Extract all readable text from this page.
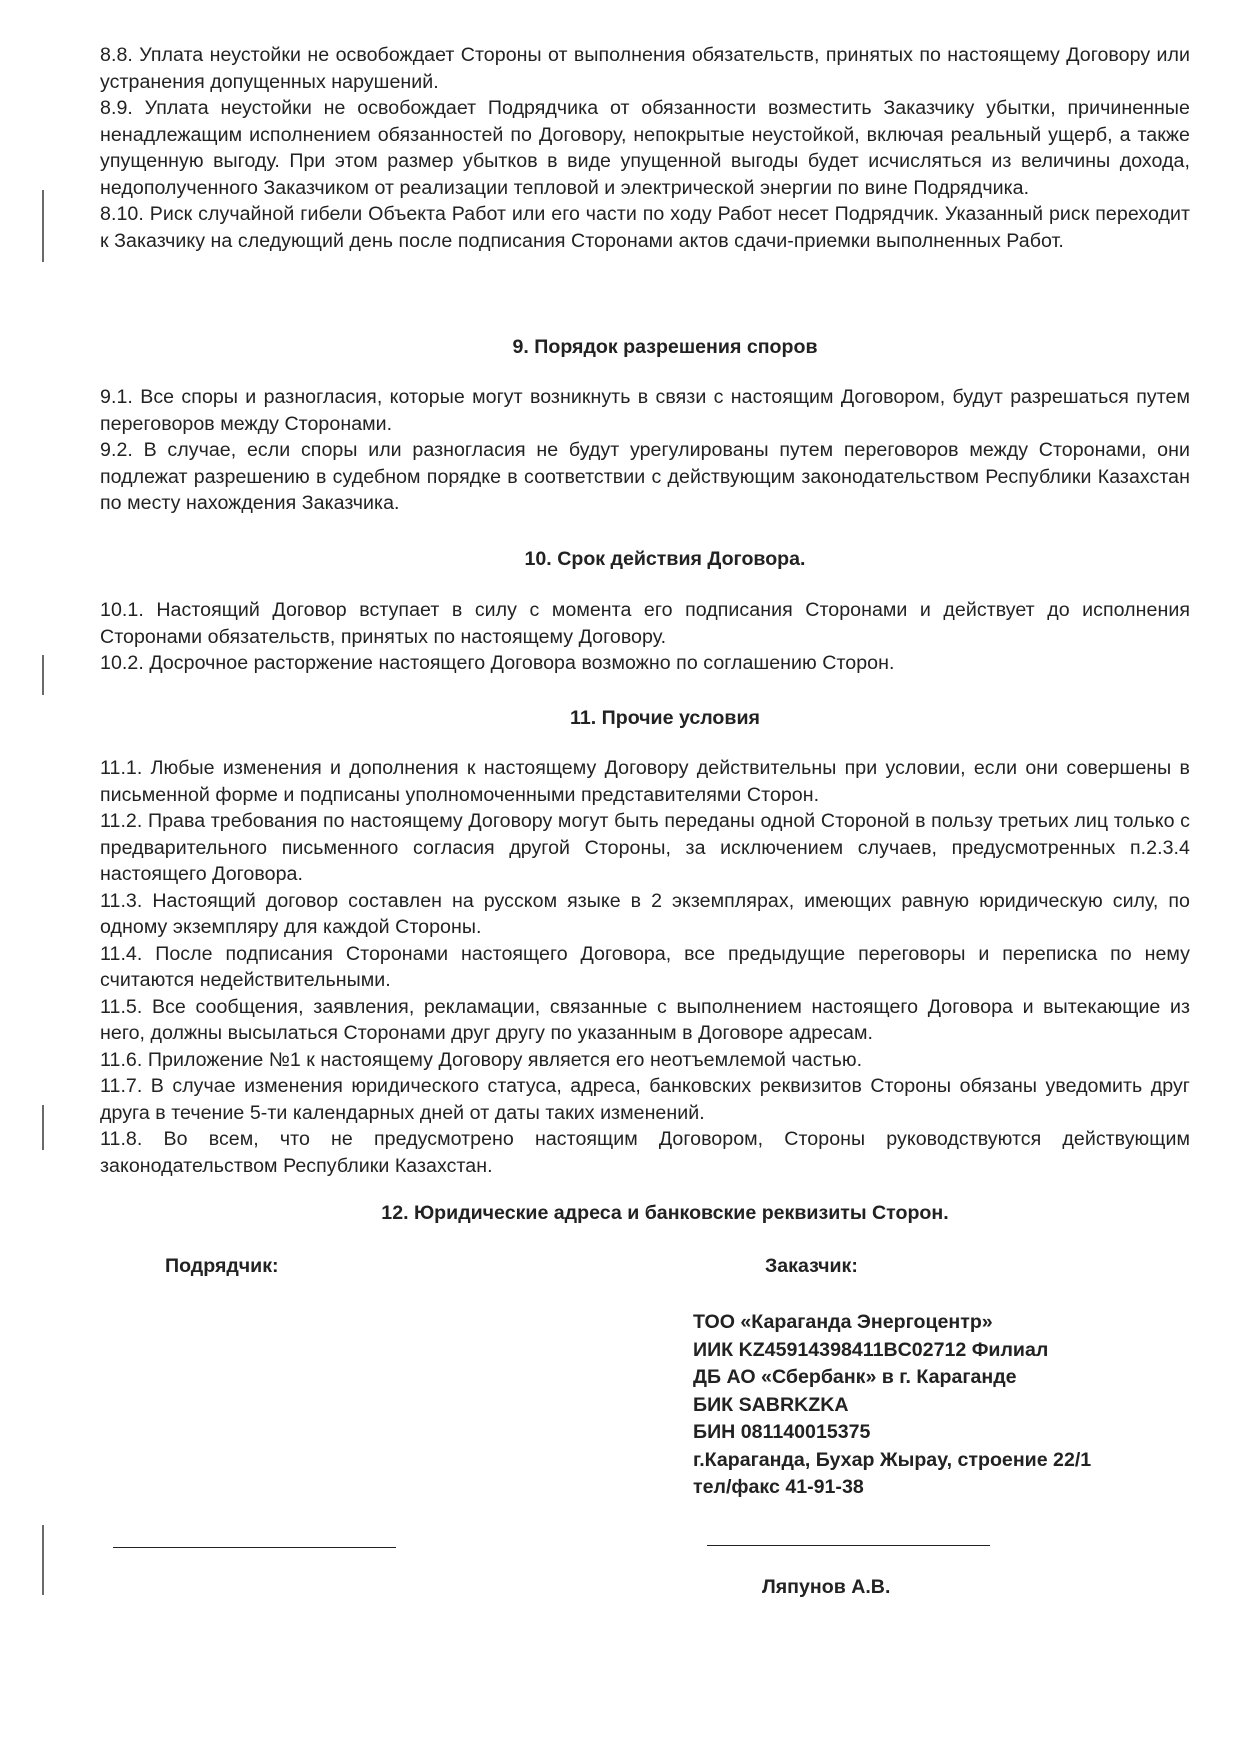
8.8. Уплата неустойки не освобождает Стороны от выполнения обязательств, принятых по настоящему Договору или устранения допущенных нарушений.

8.9. Уплата неустойки не освобождает Подрядчика от обязанности возместить Заказчику убытки, причиненные ненадлежащим исполнением обязанностей по Договору, непокрытые неустойкой, включая реальный ущерб, а также упущенную выгоду. При этом размер убытков в виде упущенной выгоды будет исчисляться из величины дохода, недополученного Заказчиком от реализации тепловой и электрической энергии по вине Подрядчика.

8.10. Риск случайной гибели Объекта Работ или его части по ходу Работ несет Подрядчик. Указанный риск переходит к Заказчику на следующий день после подписания Сторонами актов сдачи-приемки выполненных Работ.

9. Порядок разрешения споров

9.1. Все споры и разногласия, которые могут возникнуть в связи с настоящим Договором, будут разрешаться путем переговоров между Сторонами.

9.2. В случае, если споры или разногласия не будут урегулированы путем переговоров между Сторонами, они подлежат разрешению в судебном порядке в соответствии с действующим законодательством Республики Казахстан по месту нахождения Заказчика.

10. Срок действия Договора.

10.1. Настоящий Договор вступает в силу с момента его подписания Сторонами и действует до исполнения Сторонами обязательств, принятых по настоящему Договору.

10.2. Досрочное расторжение настоящего Договора возможно по соглашению Сторон.

11. Прочие условия

11.1. Любые изменения и дополнения к настоящему Договору действительны при условии, если они совершены в письменной форме и подписаны уполномоченными представителями Сторон.

11.2. Права требования по настоящему Договору могут быть переданы одной Стороной в пользу третьих лиц только с предварительного письменного согласия другой Стороны, за исключением случаев, предусмотренных п.2.3.4 настоящего Договора.

11.3. Настоящий договор составлен на русском языке в 2 экземплярах, имеющих равную юридическую силу, по одному экземпляру для каждой Стороны.

11.4. После подписания Сторонами настоящего Договора, все предыдущие переговоры и переписка по нему считаются недействительными.

11.5. Все сообщения, заявления, рекламации, связанные с выполнением настоящего Договора и вытекающие из него, должны высылаться Сторонами друг другу по указанным в Договоре адресам.

11.6. Приложение №1 к настоящему Договору является его неотъемлемой частью.

11.7. В случае изменения юридического статуса, адреса, банковских реквизитов Стороны обязаны уведомить друг друга в течение 5-ти календарных дней от даты таких изменений.

11.8. Во всем, что не предусмотрено настоящим Договором, Стороны руководствуются действующим законодательством Республики Казахстан.

12. Юридические адреса и банковские реквизиты Сторон.

Подрядчик:	Заказчик:

ТОО «Караганда Энергоцентр»
ИИК KZ45914398411BC02712 Филиал
ДБ АО «Сбербанк» в г. Караганде
БИК SABRKZKA
БИН 081140015375
г.Караганда, Бухар Жырау, строение 22/1
тел/факс 41-91-38

Ляпунов А.В.
